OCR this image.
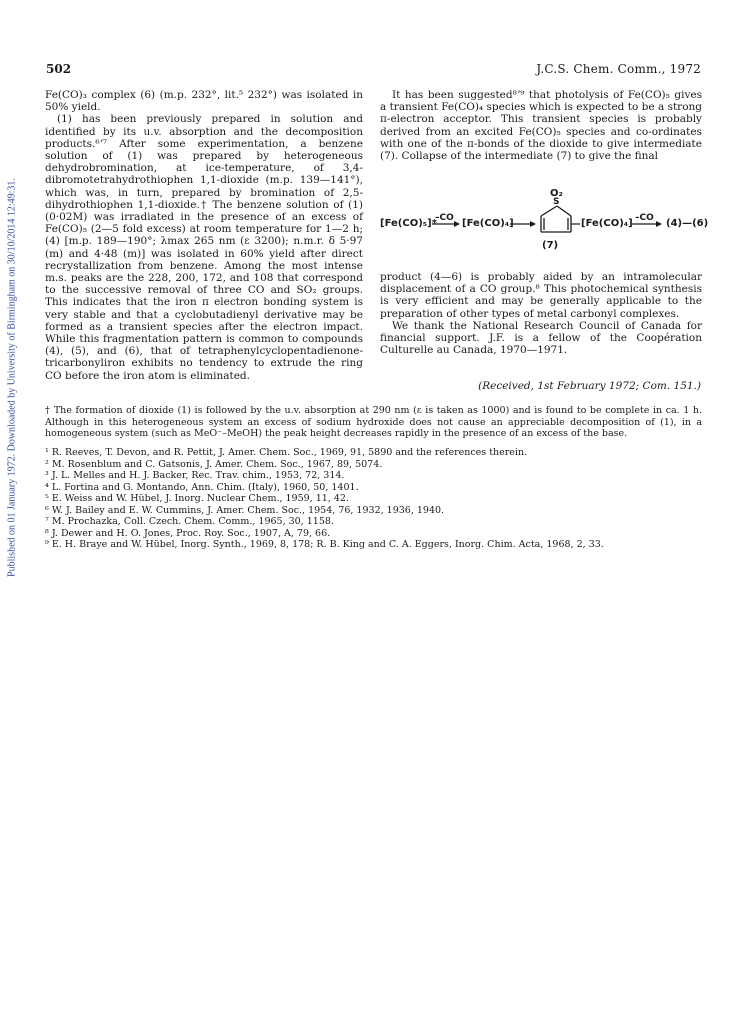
Published on 01 January 1972. Downloaded by University of Birmingham on 30/10/2014 12:49:31.
502	J.C.S. Chem. Comm., 1972

Fe(CO)₃ complex (6) (m.p. 232°, lit.⁵ 232°) was isolated in 50% yield.

(1) has been previously prepared in solution and identified by its u.v. absorption and the decomposition products.⁶ʼ⁷ After some experimentation, a benzene solution of (1) was prepared by heterogeneous dehydrobromination, at ice-temperature, of 3,4-dibromotetrahydrothiophen 1,1-dioxide (m.p. 139—141°), which was, in turn, prepared by bromination of 2,5-dihydrothiophen 1,1-dioxide.† The benzene solution of (1) (0·02M) was irradiated in the presence of an excess of Fe(CO)₅ (2—5 fold excess) at room temperature for 1—2 h; (4) [m.p. 189—190°; λmax 265 nm (ε 3200); n.m.r. δ 5·97 (m) and 4·48 (m)] was isolated in 60% yield after direct recrystallization from benzene. Among the most intense m.s. peaks are the 228, 200, 172, and 108 that correspond to the successive removal of three CO and SO₂ groups. This indicates that the iron π electron bonding system is very stable and that a cyclobutadienyl derivative may be formed as a transient species after the electron impact. While this fragmentation pattern is common to compounds (4), (5), and (6), that of tetraphenylcyclopentadienone-tricarbonyliron exhibits no tendency to extrude the ring CO before the iron atom is eliminated.

It has been suggested⁸ʼ⁹ that photolysis of Fe(CO)₅ gives a transient Fe(CO)₄ species which is expected to be a strong π-electron acceptor. This transient species is probably derived from an excited Fe(CO)₅ species and co-ordinates with one of the π-bonds of the dioxide to give intermediate (7). Collapse of the intermediate (7) to give the final

[Fe(CO)₅]*
–CO [Fe(CO)₄]
O₂
S
[Fe(CO)₄] –CO (4)—(6)
(7)

product (4—6) is probably aided by an intramolecular displacement of a CO group.⁸ This photochemical synthesis is very efficient and may be generally applicable to the preparation of other types of metal carbonyl complexes.

We thank the National Research Council of Canada for financial support. J.F. is a fellow of the Coopération Culturelle au Canada, 1970—1971.

(Received, 1st February 1972; Com. 151.)
† The formation of dioxide (1) is followed by the u.v. absorption at 290 nm (ε is taken as 1000) and is found to be complete in ca. 1 h. Although in this heterogeneous system an excess of sodium hydroxide does not cause an appreciable decomposition of (1), in a homogeneous system (such as MeO⁻–MeOH) the peak height decreases rapidly in the presence of an excess of the base.
¹ R. Reeves, T. Devon, and R. Pettit, J. Amer. Chem. Soc., 1969, 91, 5890 and the references therein.
² M. Rosenblum and C. Gatsonis, J. Amer. Chem. Soc., 1967, 89, 5074.
³ J. L. Melles and H. J. Backer, Rec. Trav. chim., 1953, 72, 314.
⁴ L. Fortina and G. Montando, Ann. Chim. (Italy), 1960, 50, 1401.
⁵ E. Weiss and W. Hübel, J. Inorg. Nuclear Chem., 1959, 11, 42.
⁶ W. J. Bailey and E. W. Cummins, J. Amer. Chem. Soc., 1954, 76, 1932, 1936, 1940.
⁷ M. Prochazka, Coll. Czech. Chem. Comm., 1965, 30, 1158.
⁸ J. Dewer and H. O. Jones, Proc. Roy. Soc., 1907, A, 79, 66.
⁹ E. H. Braye and W. Hübel, Inorg. Synth., 1969, 8, 178; R. B. King and C. A. Eggers, Inorg. Chim. Acta, 1968, 2, 33.
